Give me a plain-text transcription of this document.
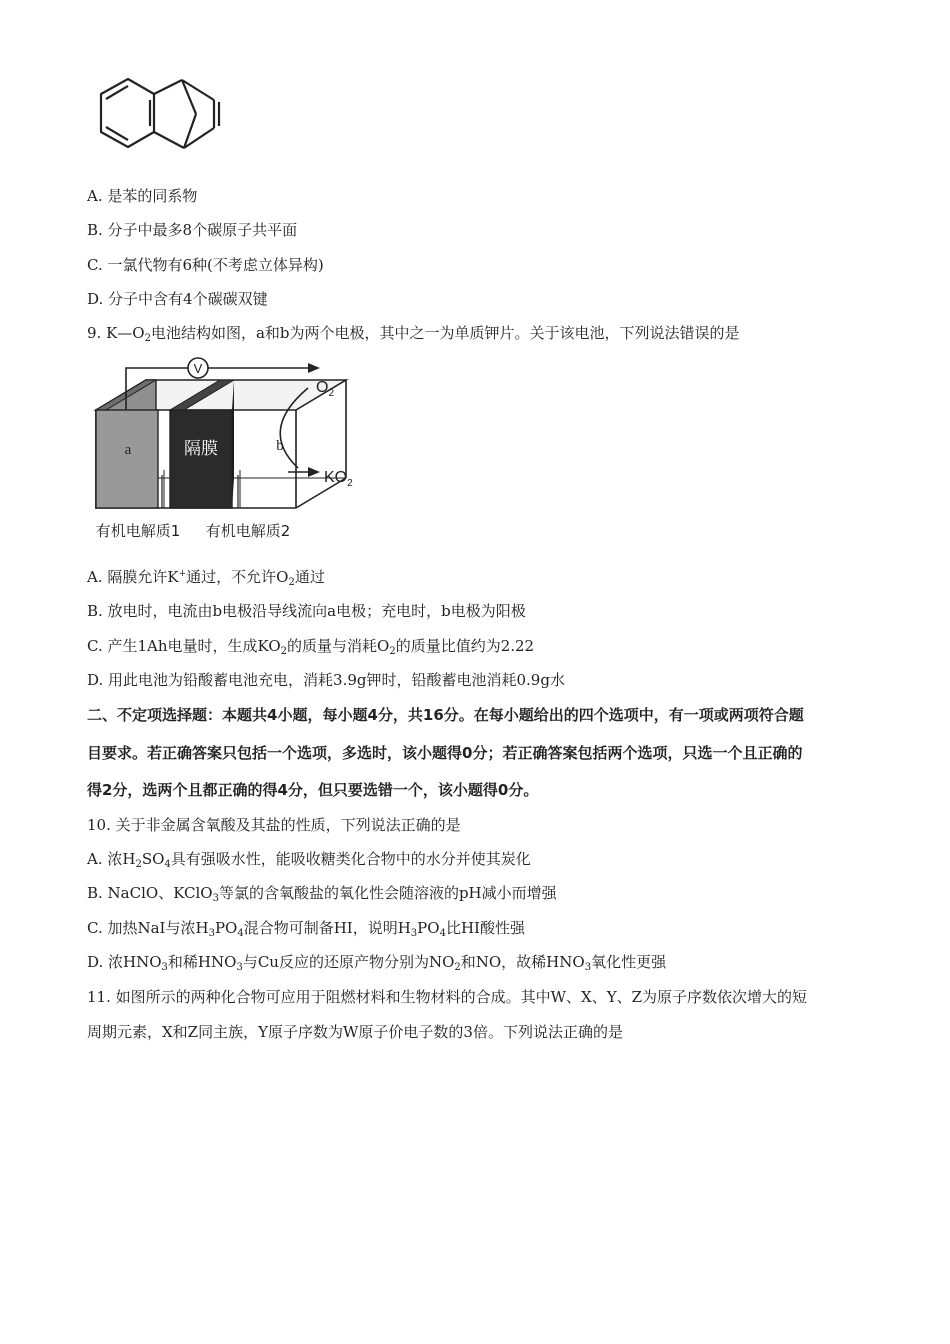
A. 是苯的同系物
B. 分子中最多8个碳原子共平面
C. 一氯代物有6种(不考虑立体异构)
D. 分子中含有4个碳碳双键
9. $K—O_2$电池结构如图，a和b为两个电极，其中之一为单质钾片。关于该电池，下列说法错误的是
V
$O_2$
$KO_2$
a	b
隔膜
有机电解质1 有机电解质2
A. 隔膜允许K+通过，不允许$O_2$通过
B. 放电时，电流由b电极沿导线流向a电极；充电时，b电极为阳极
C. 产生1Ah电量时，生成$KO_2$的质量与消耗$O_2$的质量比值约为2.22
D. 用此电池为铅酸蓄电池充电，消耗3.9g钾时，铅酸蓄电池消耗0.9g水
二、不定项选择题：本题共4小题，每小题4分，共16分。在每小题给出的四个选项中，有一项或两项符合题
目要求。若正确答案只包括一个选项，多选时，该小题得0分；若正确答案包括两个选项，只选一个且正确的
得2分，选两个且都正确的得4分，但只要选错一个，该小题得0分。
10. 关于非金属含氧酸及其盐的性质，下列说法正确的是
A. 浓$H_2SO_4$具有强吸水性，能吸收糖类化合物中的水分并使其炭化
B. NaClO、KClO$_3$等氯的含氧酸盐的氧化性会随溶液的pH减小而增强
C. 加热NaI与浓$H_3PO_4$混合物可制备HI，说明$H_3PO_4$比HI酸性强
D. 浓$HNO_3$和稀$HNO_3$与Cu反应的还原产物分别为$NO_2$和NO，故稀$HNO_3$氧化性更强
11. 如图所示的两种化合物可应用于阻燃材料和生物材料的合成。其中W、X、Y、Z为原子序数依次增大的短
周期元素，X和Z同主族，Y原子序数为W原子价电子数的3倍。下列说法正确的是
